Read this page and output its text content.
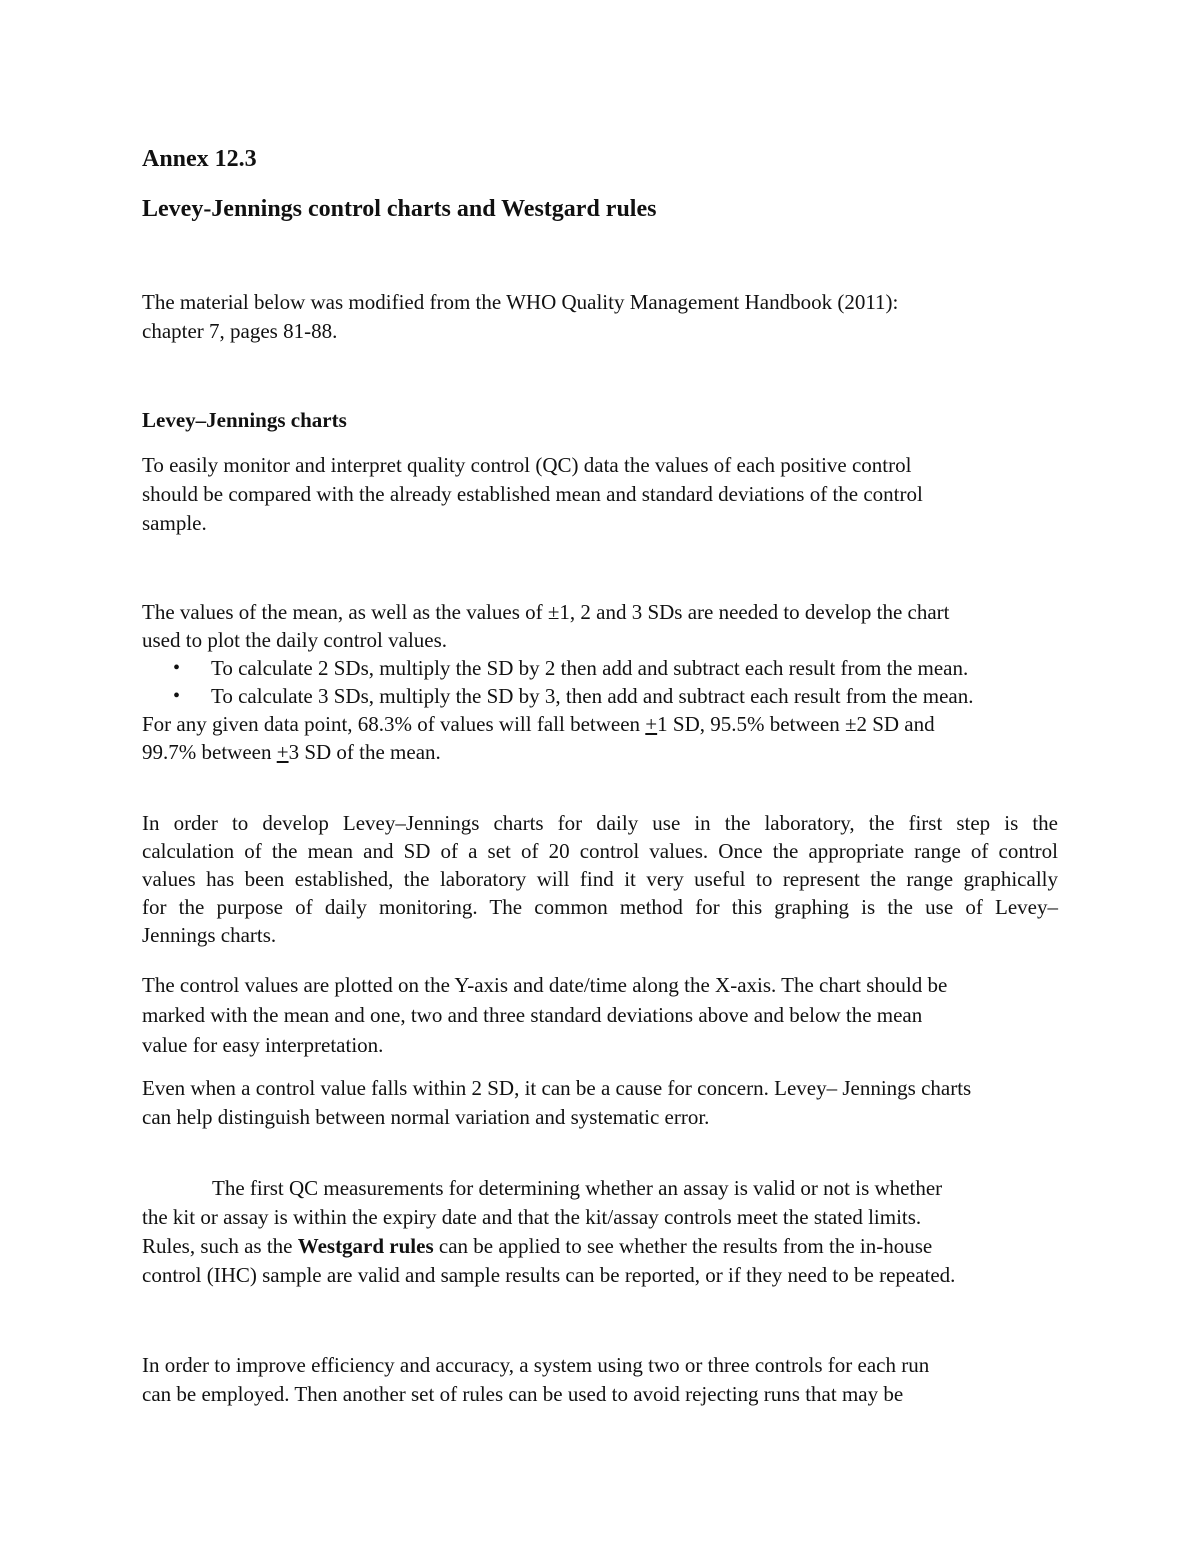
Annex 12.3
Levey-Jennings control charts and Westgard rules
The material below was modified from the WHO Quality Management Handbook (2011):
chapter 7, pages 81-88.
Levey–Jennings charts
To easily monitor and interpret quality control (QC) data the values of each positive control
should be compared with the already established mean and standard deviations of the control
sample.
The values of the mean, as well as the values of ±1, 2 and 3 SDs are needed to develop the chart
used to plot the daily control values.
• To calculate 2 SDs, multiply the SD by 2 then add and subtract each result from the mean.
• To calculate 3 SDs, multiply the SD by 3, then add and subtract each result from the mean.
For any given data point, 68.3% of values will fall between +1 SD, 95.5% between ±2 SD and
99.7% between +3 SD of the mean.
In order to develop Levey–Jennings charts for daily use in the laboratory, the first step is the
calculation of the mean and SD of a set of 20 control values. Once the appropriate range of control
values has been established, the laboratory will find it very useful to represent the range graphically
for the purpose of daily monitoring. The common method for this graphing is the use of Levey–
Jennings charts.
The control values are plotted on the Y-axis and date/time along the X-axis. The chart should be
marked with the mean and one, two and three standard deviations above and below the mean
value for easy interpretation.
Even when a control value falls within 2 SD, it can be a cause for concern. Levey– Jennings charts
can help distinguish between normal variation and systematic error.
The first QC measurements for determining whether an assay is valid or not is whether
the kit or assay is within the expiry date and that the kit/assay controls meet the stated limits.
Rules, such as the Westgard rules can be applied to see whether the results from the in-house
control (IHC) sample are valid and sample results can be reported, or if they need to be repeated.
In order to improve efficiency and accuracy, a system using two or three controls for each run
can be employed. Then another set of rules can be used to avoid rejecting runs that may be
